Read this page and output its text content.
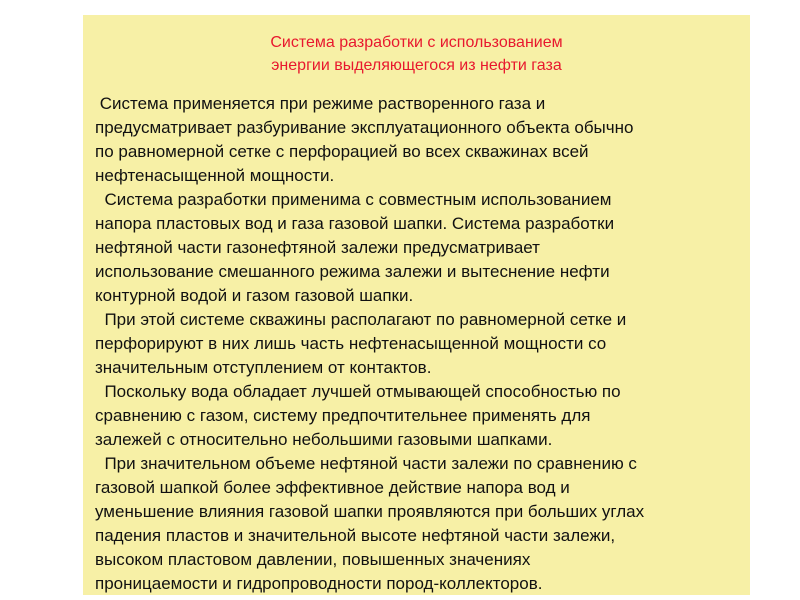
Система разработки с использованием
энергии выделяющегося из нефти газа
Система применяется при режиме растворенного газа и
предусматривает разбуривание эксплуатационного объекта обычно
по равномерной сетке с перфорацией во всех скважинах всей
нефтенасыщенной мощности.
Система разработки применима с совместным использованием
напора пластовых вод и газа газовой шапки. Система разработки
нефтяной части газонефтяной залежи предусматривает
использование смешанного режима залежи и вытеснение нефти
контурной водой и газом газовой шапки.
При этой системе скважины располагают по равномерной сетке и
перфорируют в них лишь часть нефтенасыщенной мощности со
значительным отступлением от контактов.
Поскольку вода обладает лучшей отмывающей способностью по
сравнению с газом, систему предпочтительнее применять для
залежей с относительно небольшими газовыми шапками.
При значительном объеме нефтяной части залежи по сравнению с
газовой шапкой более эффективное действие напора вод и
уменьшение влияния газовой шапки проявляются при больших углах
падения пластов и значительной высоте нефтяной части залежи,
высоком пластовом давлении, повышенных значениях
проницаемости и гидропроводности пород-коллекторов.
